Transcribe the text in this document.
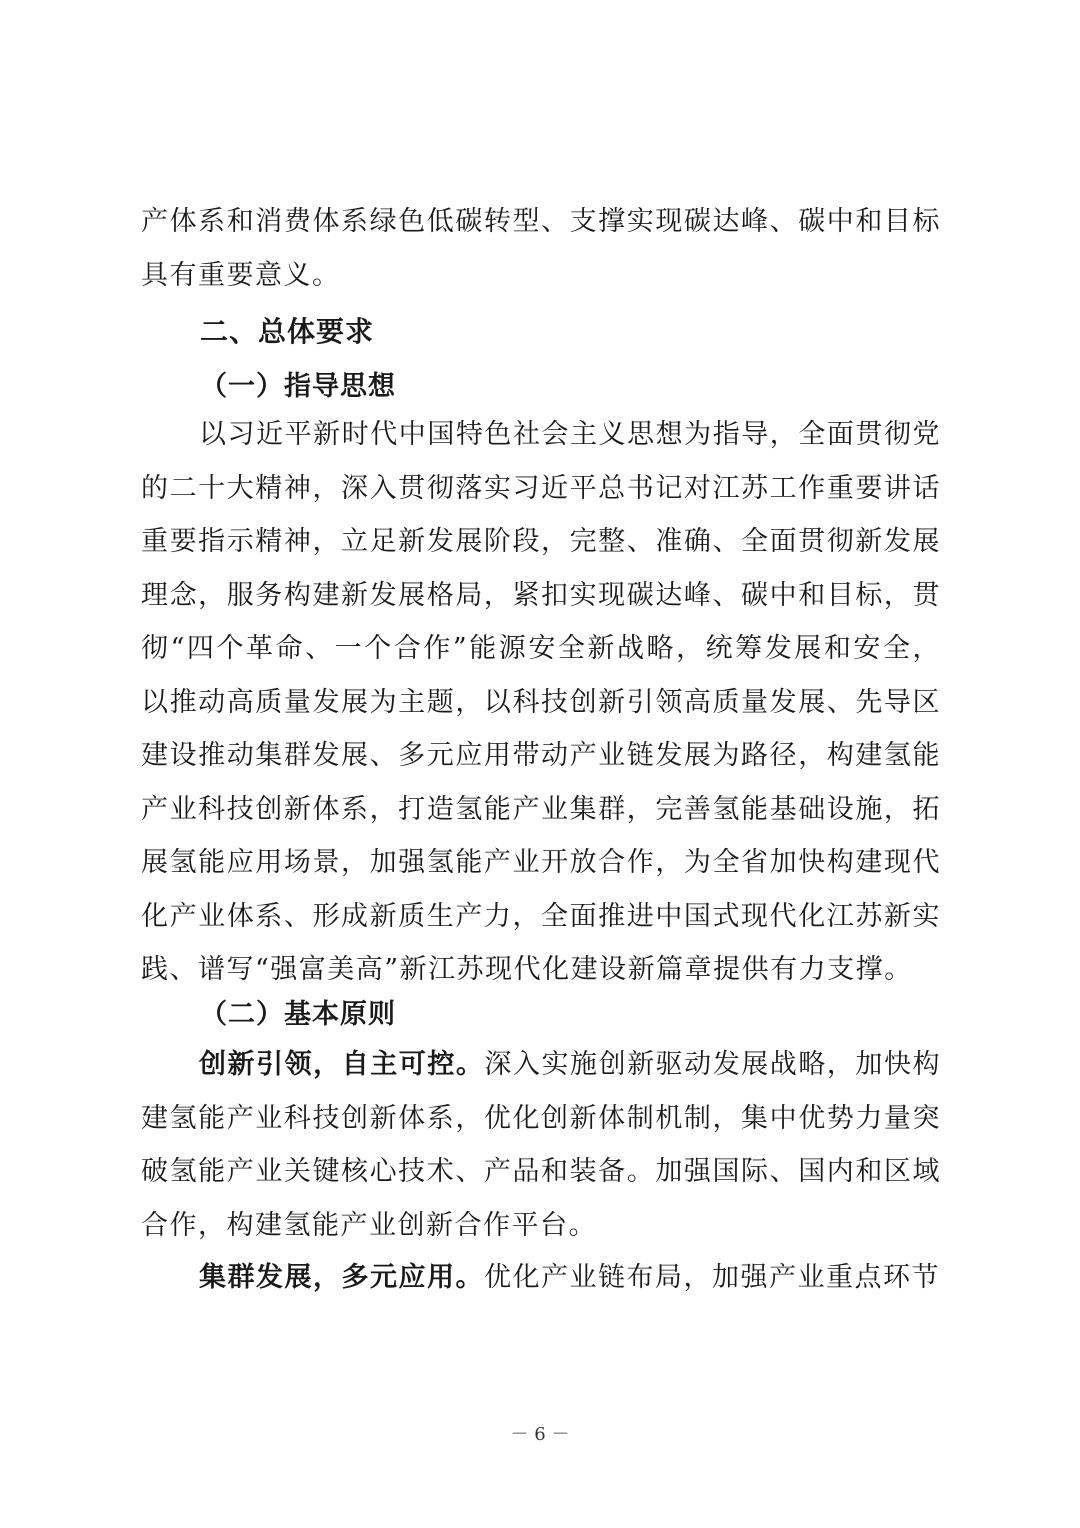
产体系和消费体系绿色低碳转型、支撑实现碳达峰、碳中和目标具有重要意义。

二、总体要求
（一）指导思想

以习近平新时代中国特色社会主义思想为指导，全面贯彻党的二十大精神，深入贯彻落实习近平总书记对江苏工作重要讲话重要指示精神，立足新发展阶段，完整、准确、全面贯彻新发展理念，服务构建新发展格局，紧扣实现碳达峰、碳中和目标，贯彻“四个革命、一个合作”能源安全新战略，统筹发展和安全，以推动高质量发展为主题，以科技创新引领高质量发展、先导区建设推动集群发展、多元应用带动产业链发展为路径，构建氢能产业科技创新体系，打造氢能产业集群，完善氢能基础设施，拓展氢能应用场景，加强氢能产业开放合作，为全省加快构建现代化产业体系、形成新质生产力，全面推进中国式现代化江苏新实践、谱写“强富美高”新江苏现代化建设新篇章提供有力支撑。

（二）基本原则

创新引领，自主可控。深入实施创新驱动发展战略，加快构建氢能产业科技创新体系，优化创新体制机制，集中优势力量突破氢能产业关键核心技术、产品和装备。加强国际、国内和区域合作，构建氢能产业创新合作平台。

集群发展，多元应用。优化产业链布局，加强产业重点环节

－ 6 －
